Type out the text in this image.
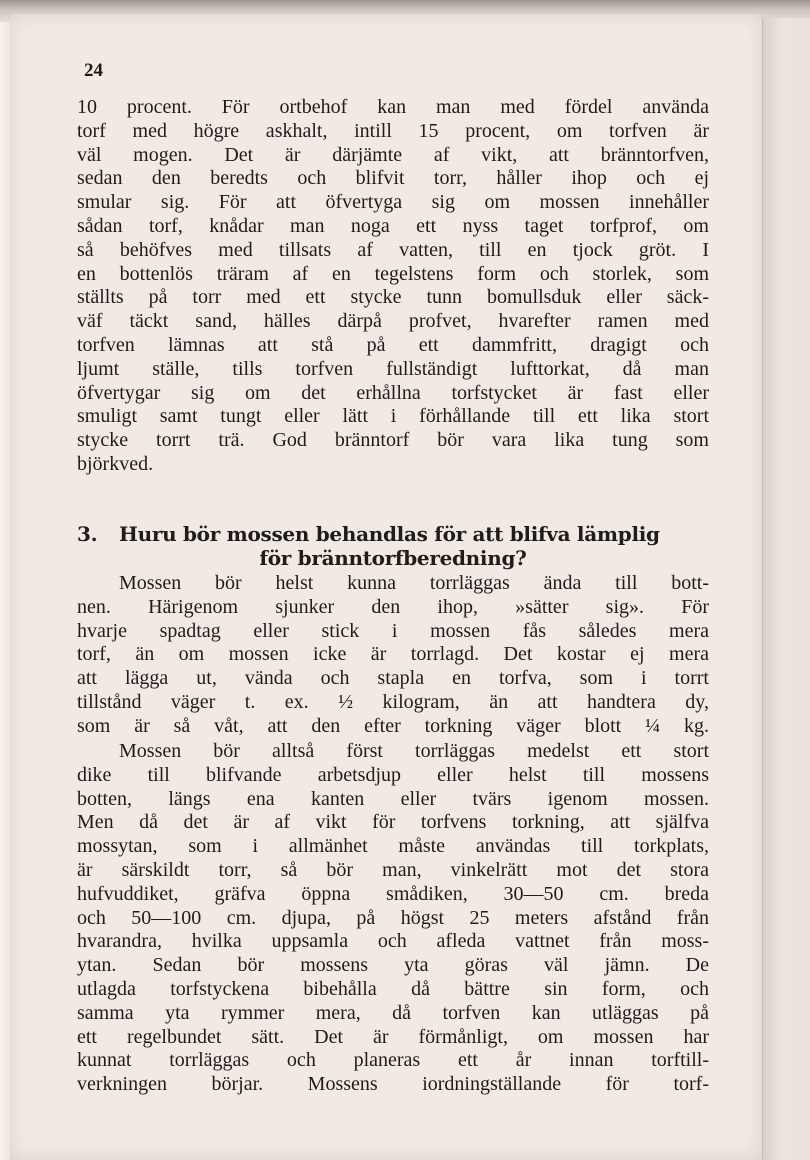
24
10 procent. För ortbehof kan man med fördel använda
torf med högre askhalt, intill 15 procent, om torfven är
väl mogen. Det är därjämte af vikt, att bränntorfven,
sedan den beredts och blifvit torr, håller ihop och ej
smular sig. För att öfvertyga sig om mossen innehåller
sådan torf, knådar man noga ett nyss taget torfprof, om
så behöfves med tillsats af vatten, till en tjock gröt. I
en bottenlös träram af en tegelstens form och storlek, som
ställts på torr med ett stycke tunn bomullsduk eller säck-
väf täckt sand, hälles därpå profvet, hvarefter ramen med
torfven lämnas att stå på ett dammfritt, dragigt och
ljumt ställe, tills torfven fullständigt lufttorkat, då man
öfvertygar sig om det erhållna torfstycket är fast eller
smuligt samt tungt eller lätt i förhållande till ett lika stort
stycke torrt trä. God bränntorf bör vara lika tung som
björkved.
3. Huru bör mossen behandlas för att blifva lämplig
för bränntorfberedning?
Mossen bör helst kunna torrläggas ända till bott-
nen. Härigenom sjunker den ihop, »sätter sig». För
hvarje spadtag eller stick i mossen fås således mera
torf, än om mossen icke är torrlagd. Det kostar ej mera
att lägga ut, vända och stapla en torfva, som i torrt
tillstånd väger t. ex. ½ kilogram, än att handtera dy,
som är så våt, att den efter torkning väger blott ¼ kg.
Mossen bör alltså först torrläggas medelst ett stort
dike till blifvande arbetsdjup eller helst till mossens
botten, längs ena kanten eller tvärs igenom mossen.
Men då det är af vikt för torfvens torkning, att själfva
mossytan, som i allmänhet måste användas till torkplats,
är särskildt torr, så bör man, vinkelrätt mot det stora
hufvuddiket, gräfva öppna smådiken, 30—50 cm. breda
och 50—100 cm. djupa, på högst 25 meters afstånd från
hvarandra, hvilka uppsamla och afleda vattnet från moss-
ytan. Sedan bör mossens yta göras väl jämn. De
utlagda torfstyckena bibehålla då bättre sin form, och
samma yta rymmer mera, då torfven kan utläggas på
ett regelbundet sätt. Det är förmånligt, om mossen har
kunnat torrläggas och planeras ett år innan torftill-
verkningen börjar. Mossens iordningställande för torf-
